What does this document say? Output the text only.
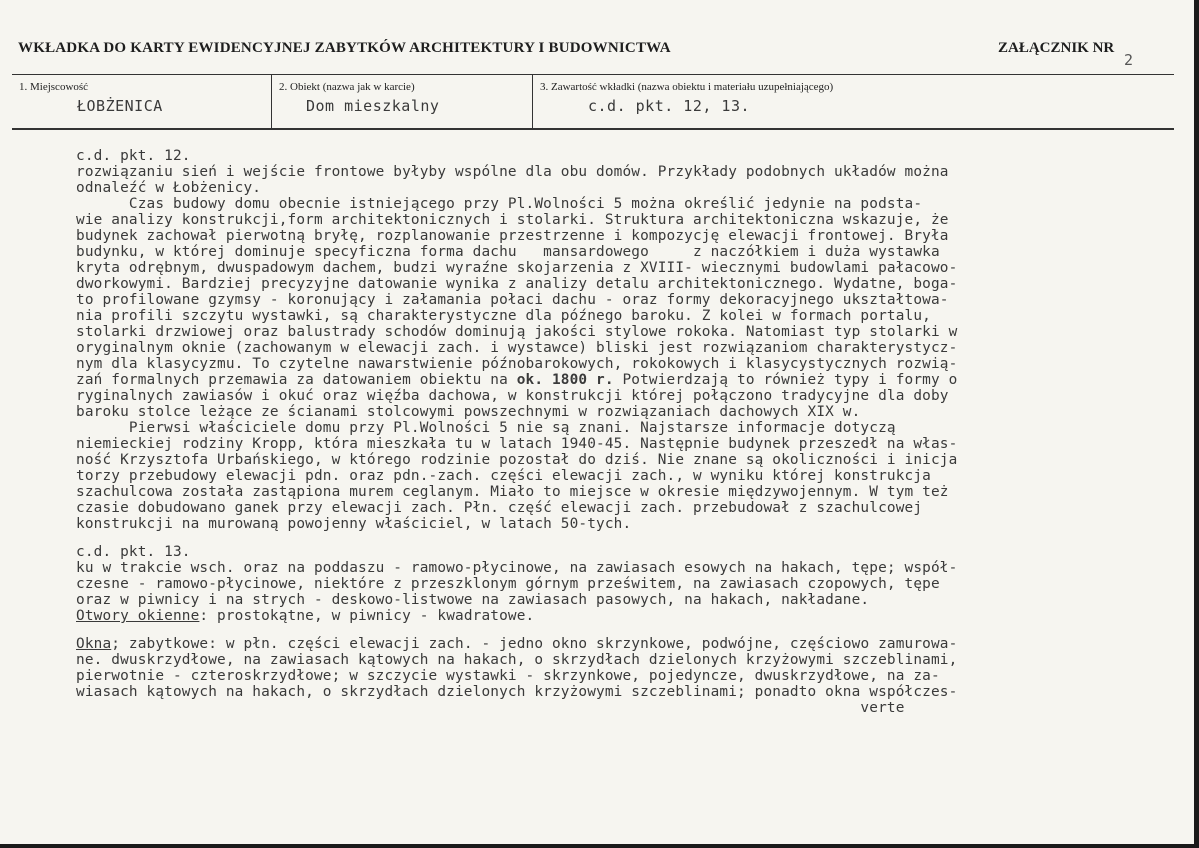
WKŁADKA DO KARTY EWIDENCYJNEJ ZABYTKÓW ARCHITEKTURY I BUDOWNICTWA	ZAŁĄCZNIK NR
2
1. Miejscowość
ŁOBŻENICA
2. Obiekt (nazwa jak w karcie)
Dom mieszkalny
3. Zawartość wkładki (nazwa obiektu i materiału uzupełniającego)
c.d. pkt. 12, 13.
c.d. pkt. 12.
rozwiązaniu sień i wejście frontowe byłyby wspólne dla obu domów. Przykłady podobnych układów można
odnaleźć w Łobżenicy.
Czas budowy domu obecnie istniejącego przy Pl.Wolności 5 można określić jedynie na podsta-
wie analizy konstrukcji,form architektonicznych i stolarki. Struktura architektoniczna wskazuje, że
budynek zachował pierwotną bryłę, rozplanowanie przestrzenne i kompozycję elewacji frontowej. Bryła
budynku, w której dominuje specyficzna forma dachu   mansardowego     z naczółkiem i duża wystawka
kryta odrębnym, dwuspadowym dachem, budzi wyraźne skojarzenia z XVIII- wiecznymi budowlami pałacowo-
dworkowymi. Bardziej precyzyjne datowanie wynika z analizy detalu architektonicznego. Wydatne, boga-
to profilowane gzymsy - koronujący i załamania połaci dachu - oraz formy dekoracyjnego ukształtowa-
nia profili szczytu wystawki, są charakterystyczne dla późnego baroku. Z kolei w formach portalu,
stolarki drzwiowej oraz balustrady schodów dominują jakości stylowe rokoka. Natomiast typ stolarki w
oryginalnym oknie (zachowanym w elewacji zach. i wystawce) bliski jest rozwiązaniom charakterystycz-
nym dla klasycyzmu. To czytelne nawarstwienie późnobarokowych, rokokowych i klasycystycznych rozwią-
zań formalnych przemawia za datowaniem obiektu na ok. 1800 r. Potwierdzają to również typy i formy o
ryginalnych zawiasów i okuć oraz więźba dachowa, w konstrukcji której połączono tradycyjne dla doby
baroku stolce leżące ze ścianami stolcowymi powszechnymi w rozwiązaniach dachowych XIX w.
Pierwsi właściciele domu przy Pl.Wolności 5 nie są znani. Najstarsze informacje dotyczą
niemieckiej rodziny Kropp, która mieszkała tu w latach 1940-45. Następnie budynek przeszedł na włas-
ność Krzysztofa Urbańskiego, w którego rodzinie pozostał do dziś. Nie znane są okoliczności i inicja
torzy przebudowy elewacji pdn. oraz pdn.-zach. części elewacji zach., w wyniku której konstrukcja
szachulcowa została zastąpiona murem ceglanym. Miało to miejsce w okresie międzywojennym. W tym też
czasie dobudowano ganek przy elewacji zach. Płn. część elewacji zach. przebudował z szachulcowej
konstrukcji na murowaną powojenny właściciel, w latach 50-tych.
c.d. pkt. 13.
ku w trakcie wsch. oraz na poddaszu - ramowo-płycinowe, na zawiasach esowych na hakach, tępe; współ-
czesne - ramowo-płycinowe, niektóre z przeszklonym górnym prześwitem, na zawiasach czopowych, tępe
oraz w piwnicy i na strych - deskowo-listwowe na zawiasach pasowych, na hakach, nakładane.
Otwory okienne: prostokątne, w piwnicy - kwadratowe.
Okna; zabytkowe: w płn. części elewacji zach. - jedno okno skrzynkowe, podwójne, częściowo zamurowa-
ne. dwuskrzydłowe, na zawiasach kątowych na hakach, o skrzydłach dzielonych krzyżowymi szczeblinami,
pierwotnie - czteroskrzydłowe; w szczycie wystawki - skrzynkowe, pojedyncze, dwuskrzydłowe, na za-
wiasach kątowych na hakach, o skrzydłach dzielonych krzyżowymi szczeblinami; ponadto okna współczes-
verte
